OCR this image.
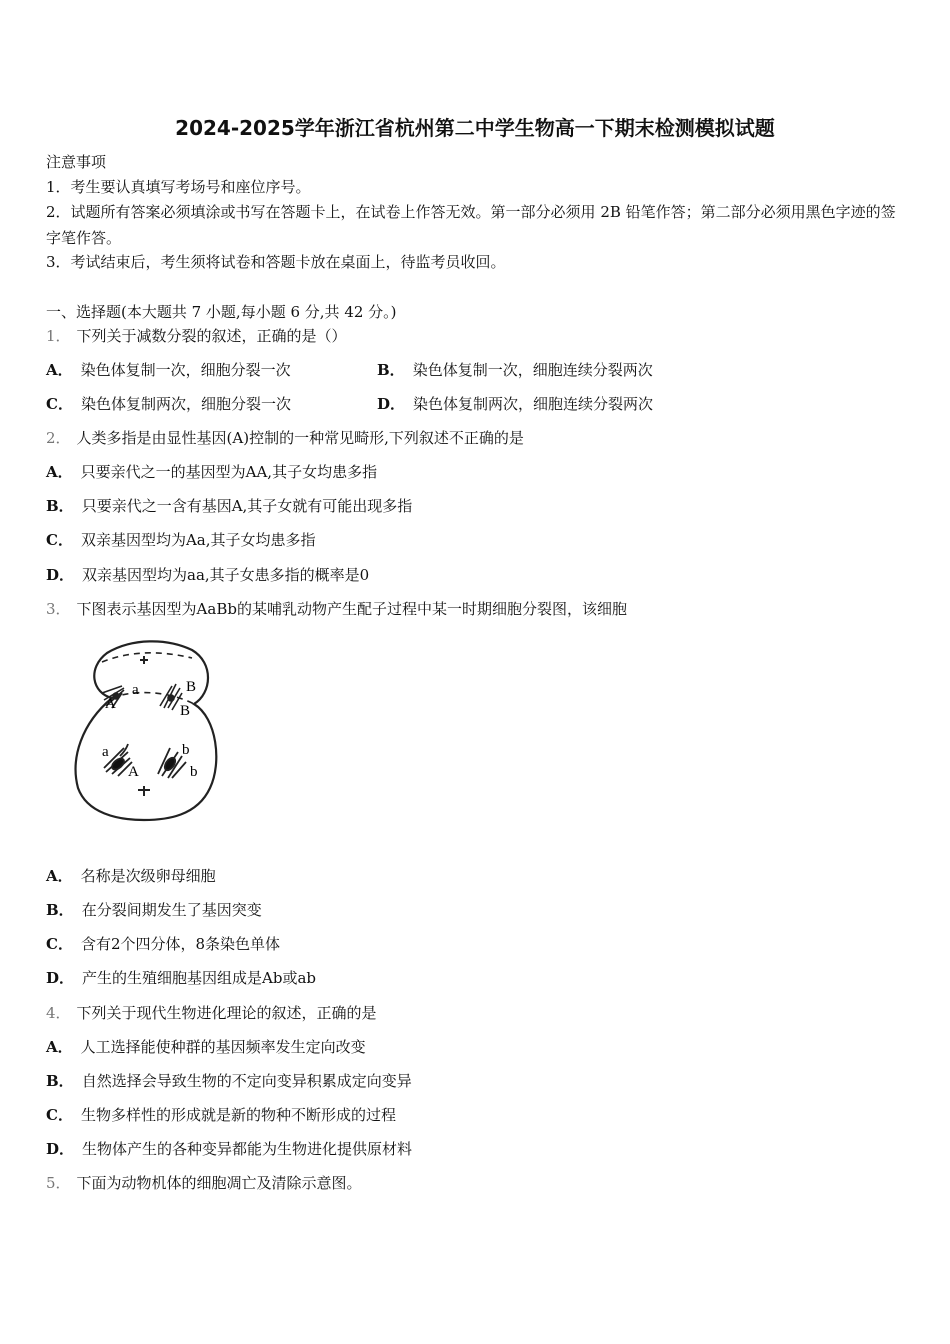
2024-2025学年浙江省杭州第二中学生物高一下期末检测模拟试题
注意事项
1．考生要认真填写考场号和座位序号。
2．试题所有答案必须填涂或书写在答题卡上，在试卷上作答无效。第一部分必须用 2B 铅笔作答；第二部分必须用黑色字迹的签字笔作答。
3．考试结束后，考生须将试卷和答题卡放在桌面上，待监考员收回。
一、选择题(本大题共 7 小题,每小题 6 分,共 42 分。)
1． 下列关于减数分裂的叙述，正确的是（）
A． 染色体复制一次，细胞分裂一次	B． 染色体复制一次，细胞连续分裂两次
C． 染色体复制两次，细胞分裂一次	D． 染色体复制两次，细胞连续分裂两次
2． 人类多指是由显性基因(A)控制的一种常见畸形,下列叙述不正确的是
A． 只要亲代之一的基因型为AA,其子女均患多指
B． 只要亲代之一含有基因A,其子女就有可能出现多指
C． 双亲基因型均为Aa,其子女均患多指
D． 双亲基因型均为aa,其子女患多指的概率是0
3． 下图表示基因型为AaBb的某哺乳动物产生配子过程中某一时期细胞分裂图，该细胞
a
A
B
B
a
A
b
b
A． 名称是次级卵母细胞
B． 在分裂间期发生了基因突变
C． 含有2个四分体，8条染色单体
D． 产生的生殖细胞基因组成是Ab或ab
4． 下列关于现代生物进化理论的叙述，正确的是
A． 人工选择能使种群的基因频率发生定向改变
B． 自然选择会导致生物的不定向变异积累成定向变异
C． 生物多样性的形成就是新的物种不断形成的过程
D． 生物体产生的各种变异都能为生物进化提供原材料
5． 下面为动物机体的细胞凋亡及清除示意图。
